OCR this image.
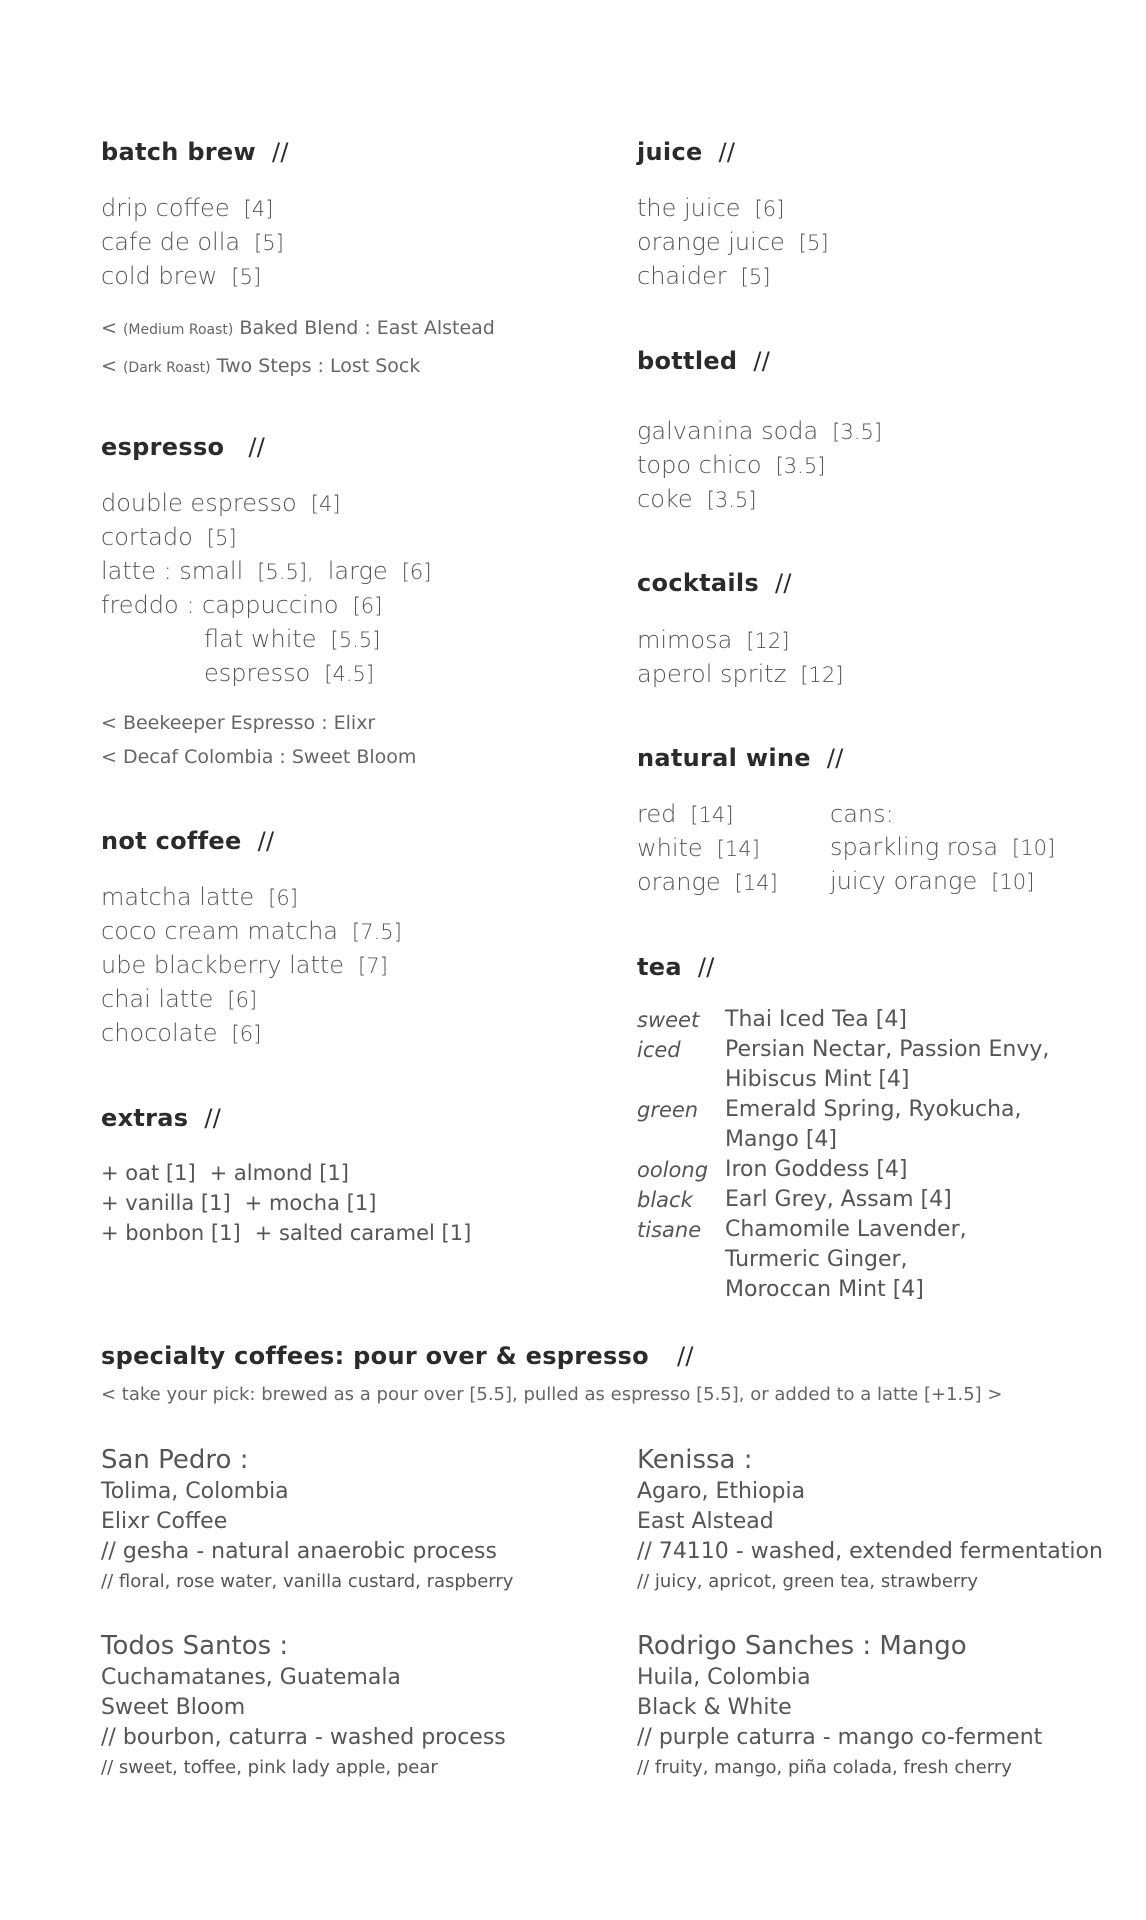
batch brew //
drip coffee [4]
cafe de olla [5]
cold brew [5]
< (Medium Roast) Baked Blend : East Alstead
< (Dark Roast) Two Steps : Lost Sock
espresso //
double espresso [4]
cortado [5]
latte : small [5.5], large [6]
freddo : cappuccino [6]
flat white [5.5]
espresso [4.5]
< Beekeeper Espresso : Elixr
< Decaf Colombia : Sweet Bloom
not coffee //
matcha latte [6]
coco cream matcha [7.5]
ube blackberry latte [7]
chai latte [6]
chocolate [6]
extras //
+ oat [1] + almond [1]
+ vanilla [1] + mocha [1]
+ bonbon [1] + salted caramel [1]
juice //
the juice [6]
orange juice [5]
chaider [5]
bottled //
galvanina soda [3.5]
topo chico [3.5]
coke [3.5]
cocktails //
mimosa [12]
aperol spritz [12]
natural wine //
red [14]
white [14]
orange [14]
cans:
sparkling rosa [10]
juicy orange [10]
tea //
sweet Thai Iced Tea [4]
iced Persian Nectar, Passion Envy,
Hibiscus Mint [4]
green Emerald Spring, Ryokucha,
Mango [4]
oolong Iron Goddess [4]
black Earl Grey, Assam [4]
tisane Chamomile Lavender,
Turmeric Ginger,
Moroccan Mint [4]
specialty coffees: pour over & espresso //
< take your pick: brewed as a pour over [5.5], pulled as espresso [5.5], or added to a latte [+1.5] >
San Pedro :
Tolima, Colombia
Elixr Coffee
// gesha - natural anaerobic process
// floral, rose water, vanilla custard, raspberry
Kenissa :
Agaro, Ethiopia
East Alstead
// 74110 - washed, extended fermentation
// juicy, apricot, green tea, strawberry
Todos Santos :
Cuchamatanes, Guatemala
Sweet Bloom
// bourbon, caturra - washed process
// sweet, toffee, pink lady apple, pear
Rodrigo Sanches : Mango
Huila, Colombia
Black & White
// purple caturra - mango co-ferment
// fruity, mango, piña colada, fresh cherry
